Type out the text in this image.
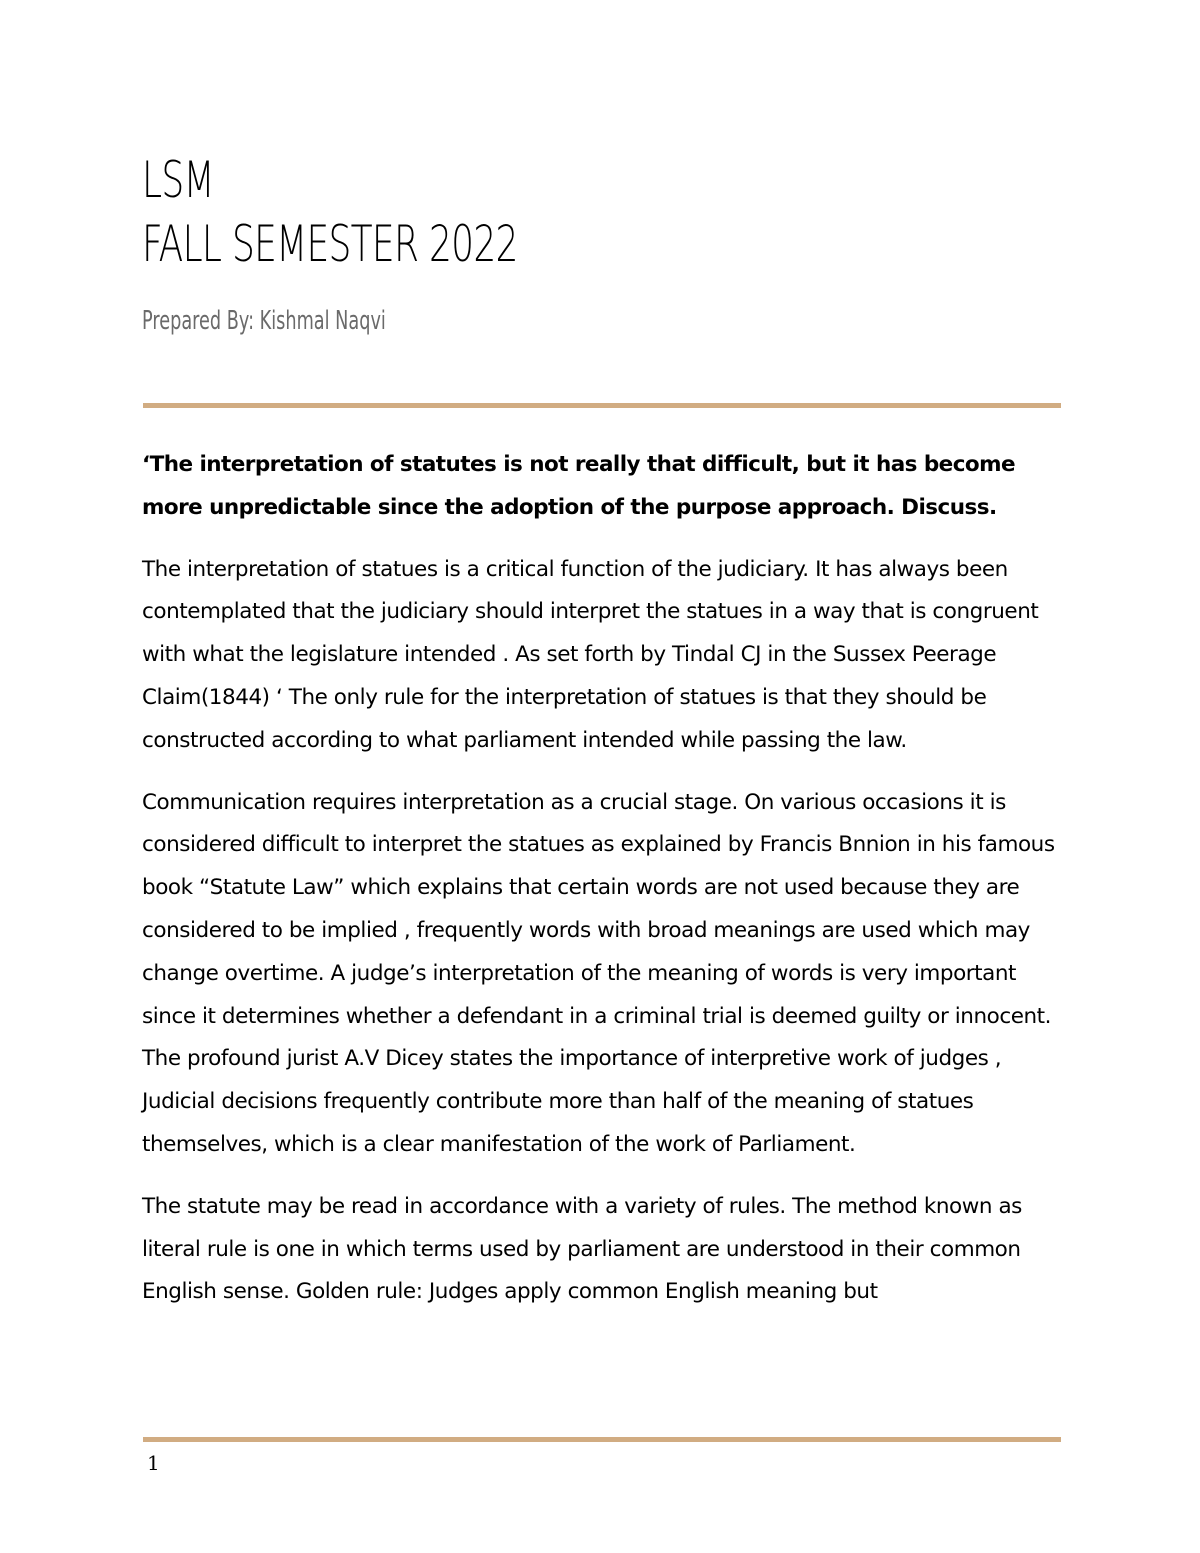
LSM
FALL SEMESTER 2022
Prepared By: Kishmal Naqvi

‘The interpretation of statutes is not really that difficult, but it has become more unpredictable since the adoption of the purpose approach. Discuss.

The interpretation of statues is a critical function of the judiciary. It has always been contemplated that the judiciary should interpret the statues in a way that is congruent with what the legislature intended . As set forth by Tindal CJ in the Sussex Peerage Claim(1844) ‘ The only rule for the interpretation of statues is that they should be constructed according to what parliament intended while passing the law.

Communication requires interpretation as a crucial stage. On various occasions it is considered difficult to interpret the statues as explained by Francis Bnnion in his famous book “Statute Law” which explains that certain words are not used because they are considered to be implied , frequently words with broad meanings are used which may change overtime. A judge’s interpretation of the meaning of words is very important since it determines whether a defendant in a criminal trial is deemed guilty or innocent. The profound jurist A.V Dicey states the importance of interpretive work of judges , Judicial decisions frequently contribute more than half of the meaning of statues themselves, which is a clear manifestation of the work of Parliament.

The statute may be read in accordance with a variety of rules. The method known as literal rule is one in which terms used by parliament are understood in their common English sense. Golden rule: Judges apply common English meaning but

1
